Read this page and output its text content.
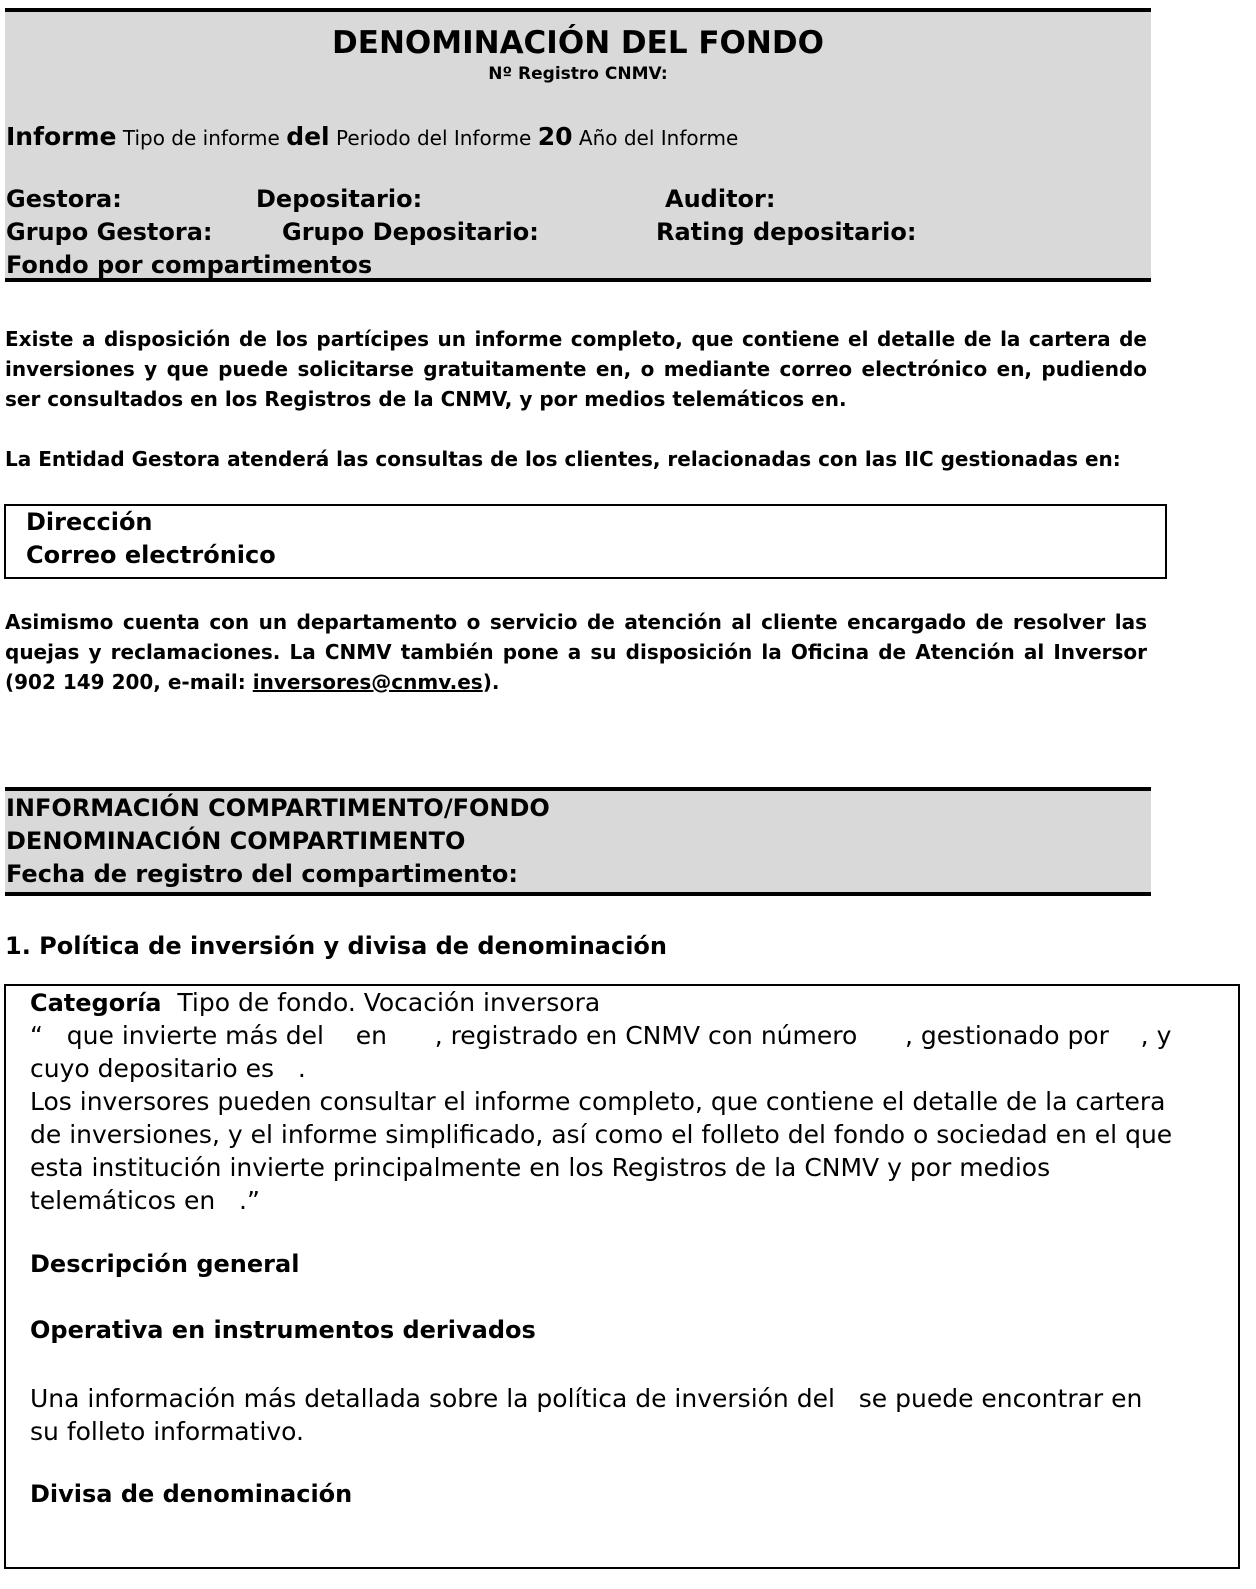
DENOMINACIÓN DEL FONDO
Nº Registro CNMV:
Informe Tipo de informe del Periodo del Informe 20 Año del Informe
Gestora:	Depositario:	Auditor:
Grupo Gestora:	Grupo Depositario:	Rating depositario:
Fondo por compartimentos
Existe a disposición de los partícipes un informe completo, que contiene el detalle de la cartera de inversiones y que puede solicitarse gratuitamente en, o mediante correo electrónico en, pudiendo ser consultados en los Registros de la CNMV, y por medios telemáticos en.
La Entidad Gestora atenderá las consultas de los clientes, relacionadas con las IIC gestionadas en:
Dirección
Correo electrónico
Asimismo cuenta con un departamento o servicio de atención al cliente encargado de resolver las quejas y reclamaciones. La CNMV también pone a su disposición la Oficina de Atención al Inversor (902 149 200, e-mail: inversores@cnmv.es).
INFORMACIÓN COMPARTIMENTO/FONDO
DENOMINACIÓN COMPARTIMENTO
Fecha de registro del compartimento:
1. Política de inversión y divisa de denominación
Categoría Tipo de fondo. Vocación inversora
“   que invierte más del    en      , registrado en CNMV con número      , gestionado por    , y
cuyo depositario es   .
Los inversores pueden consultar el informe completo, que contiene el detalle de la cartera
de inversiones, y el informe simplificado, así como el folleto del fondo o sociedad en el que
esta institución invierte principalmente en los Registros de la CNMV y por medios
telemáticos en   .”
Descripción general
Operativa en instrumentos derivados
Una información más detallada sobre la política de inversión del   se puede encontrar en
su folleto informativo.
Divisa de denominación
